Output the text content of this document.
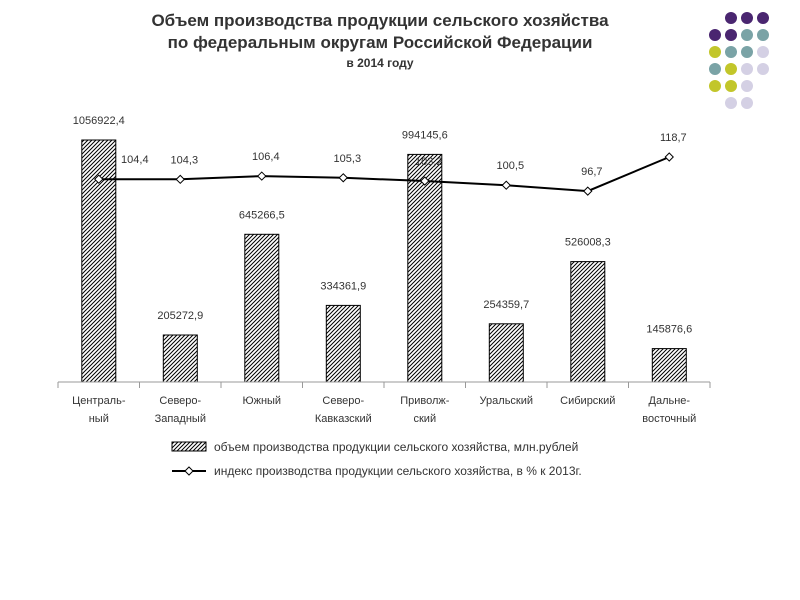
Объем производства продукции сельского хозяйства
по федеральным округам Российской Федерации
в 2014 году
1056922,4
205272,9
645266,5
334361,9
994145,6
254359,7
526008,3
145876,6
Централь-
ный
Северо-
Западный
Южный	Северо-
Кавказский
Приволж-
ский
Уральский Сибирский	Дальне-
восточный
104,4 104,3	106,4	105,3	103,2	100,5	96,7
118,7
объем производства продукции сельского хозяйства, млн.рублей
индекс производства продукции сельского хозяйства, в % к 2013г.
